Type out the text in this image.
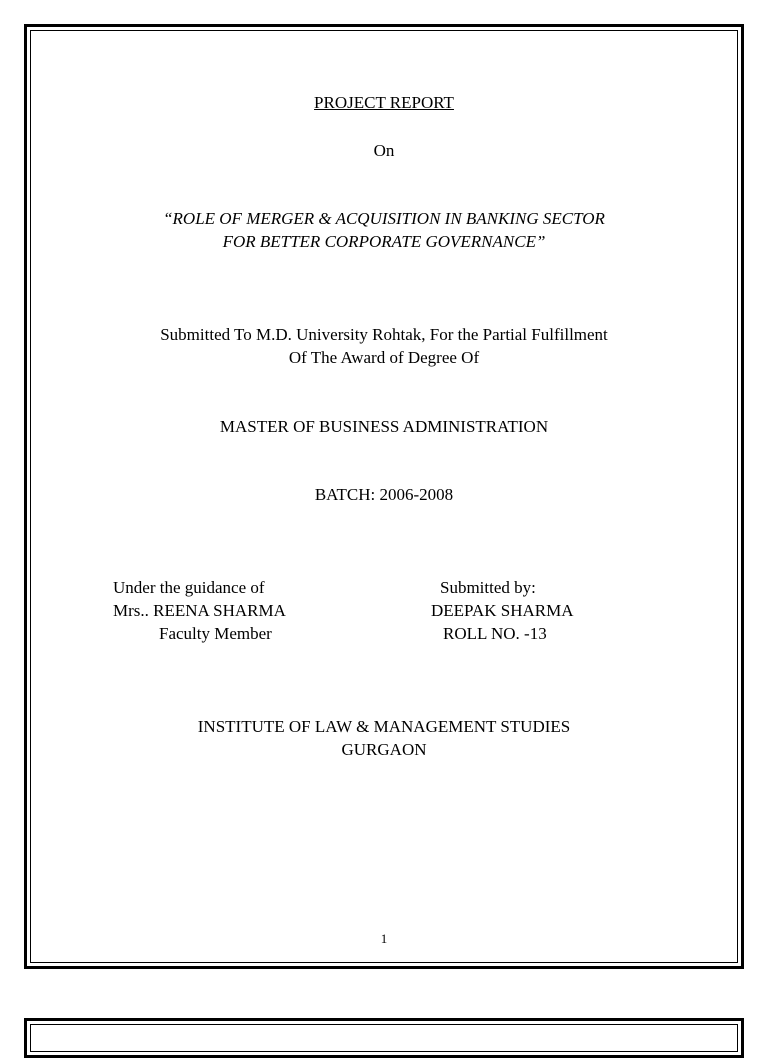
PROJECT REPORT
On
“ROLE OF MERGER & ACQUISITION IN BANKING SECTOR
FOR BETTER CORPORATE GOVERNANCE”
Submitted To M.D. University Rohtak, For the Partial Fulfillment
Of The Award of Degree Of
MASTER OF BUSINESS ADMINISTRATION
BATCH: 2006-2008
Under the guidance of
Mrs.. REENA SHARMA
Faculty Member
Submitted by:
DEEPAK SHARMA
ROLL NO. -13
INSTITUTE OF LAW & MANAGEMENT STUDIES
GURGAON
1
